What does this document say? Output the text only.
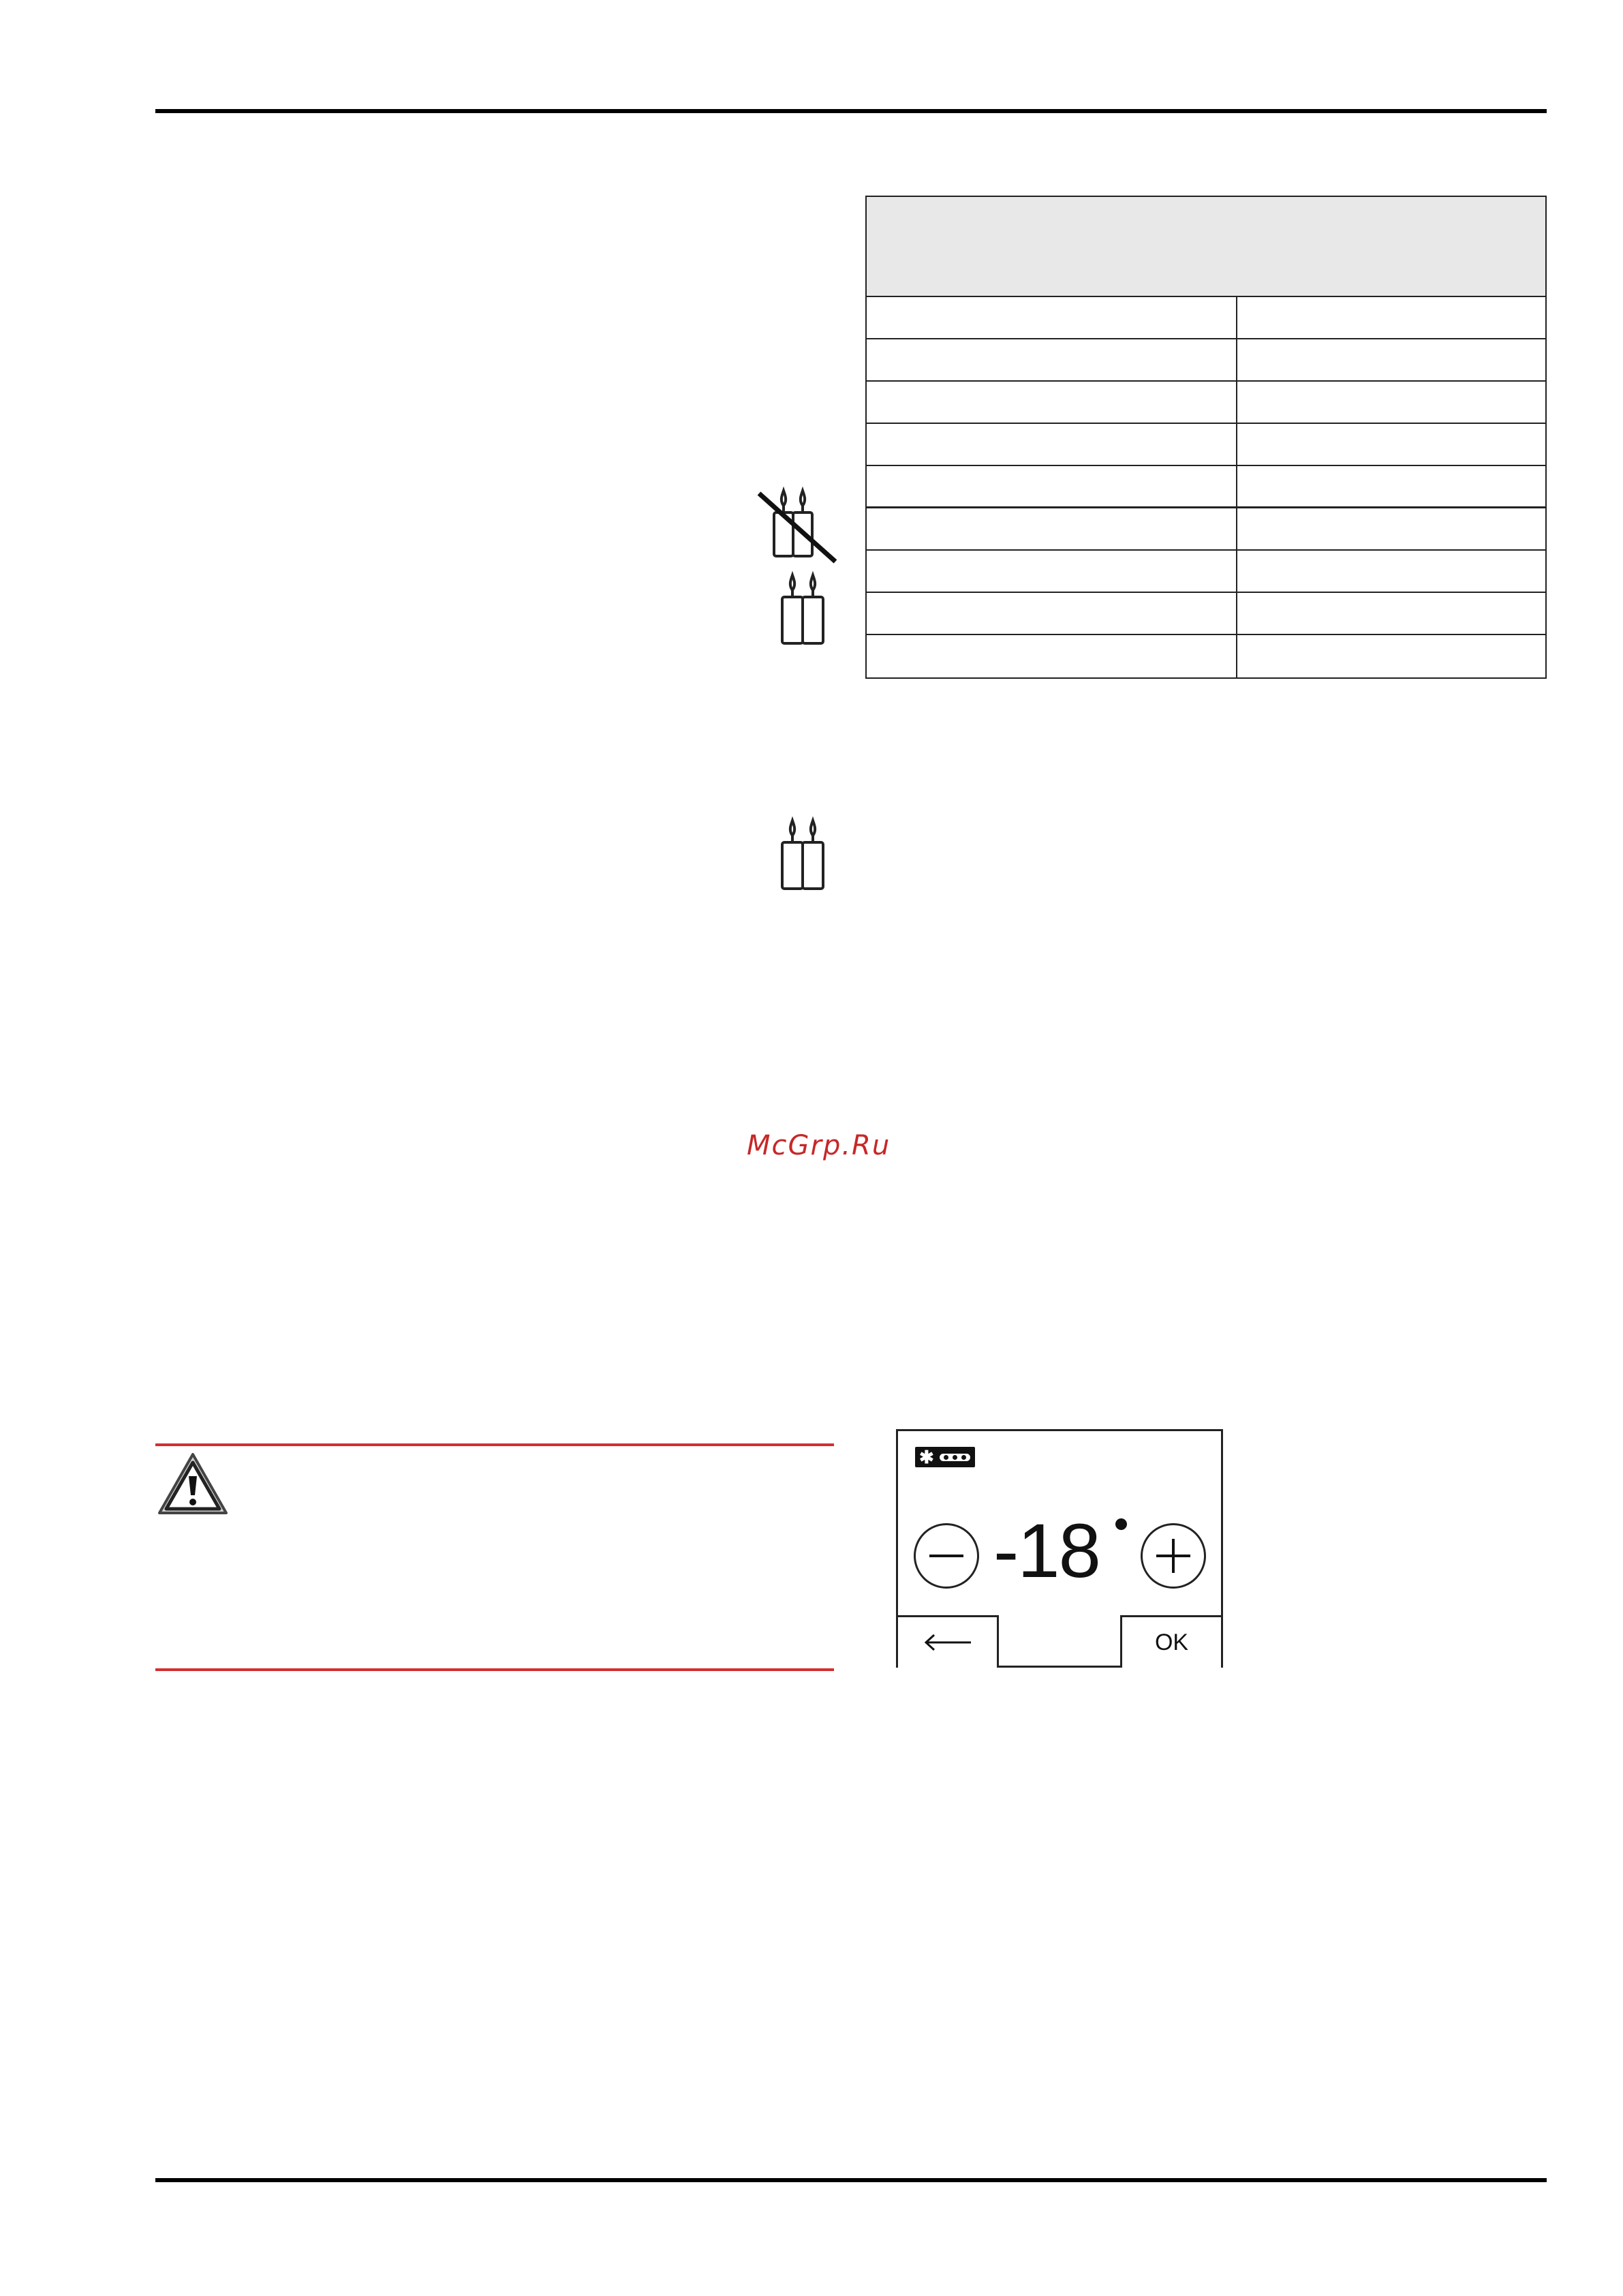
McGrp.Ru
✱
-18
OK
